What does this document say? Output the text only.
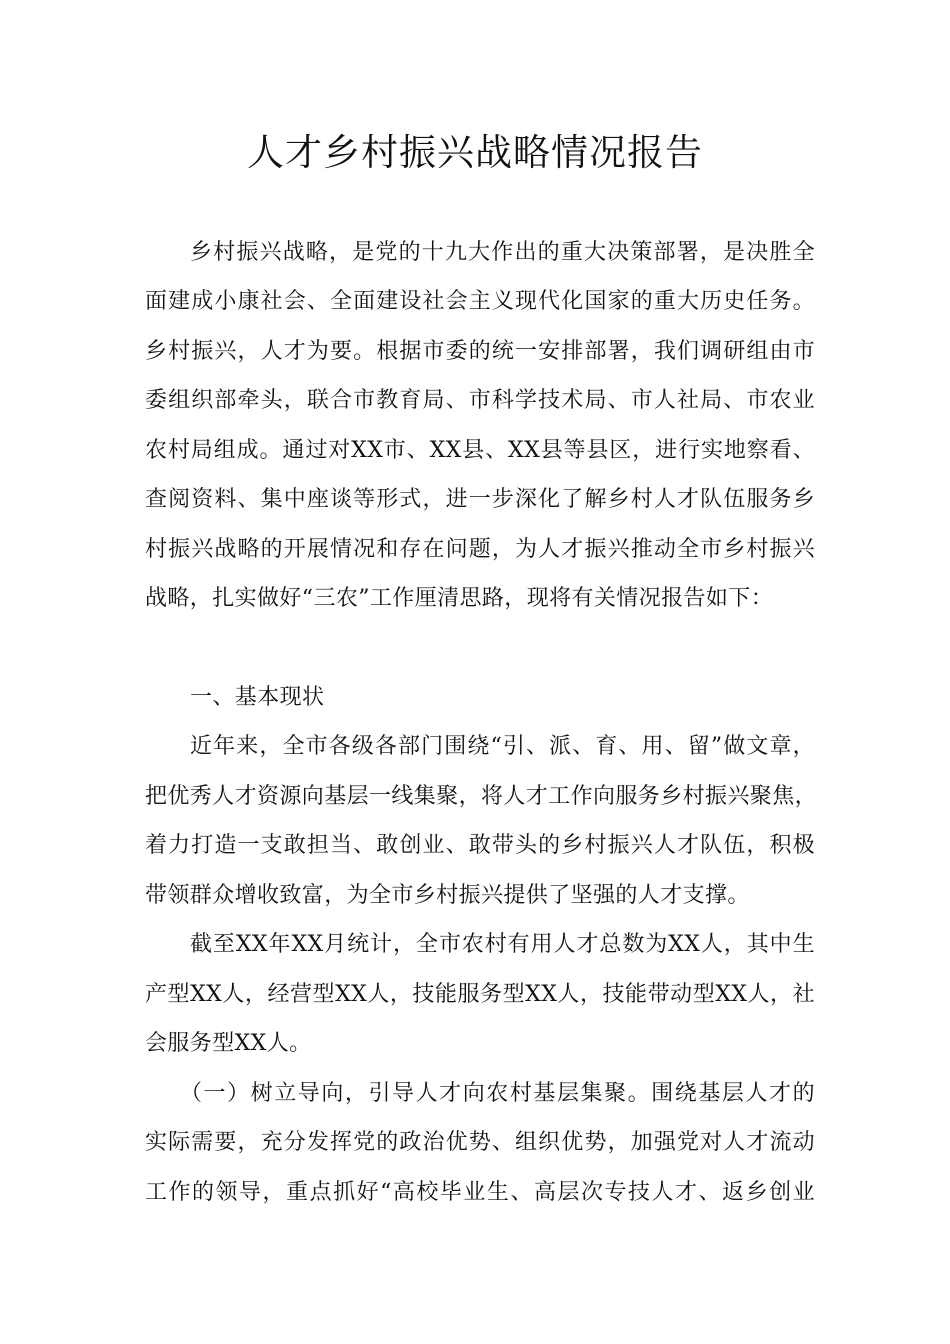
人才乡村振兴战略情况报告
乡村振兴战略，是党的十九大作出的重大决策部署，是决胜全
面建成小康社会、全面建设社会主义现代化国家的重大历史任务。
乡村振兴，人才为要。根据市委的统一安排部署，我们调研组由市
委组织部牵头，联合市教育局、市科学技术局、市人社局、市农业
农村局组成。通过对XX市、XX县、XX县等县区，进行实地察看、
查阅资料、集中座谈等形式，进一步深化了解乡村人才队伍服务乡
村振兴战略的开展情况和存在问题，为人才振兴推动全市乡村振兴
战略，扎实做好“三农”工作厘清思路，现将有关情况报告如下：
一、基本现状
近年来，全市各级各部门围绕“引、派、育、用、留”做文章，
把优秀人才资源向基层一线集聚，将人才工作向服务乡村振兴聚焦，
着力打造一支敢担当、敢创业、敢带头的乡村振兴人才队伍，积极
带领群众增收致富，为全市乡村振兴提供了坚强的人才支撑。
截至XX年XX月统计，全市农村有用人才总数为XX人，其中生
产型XX人，经营型XX人，技能服务型XX人，技能带动型XX人，社
会服务型XX人。
（一）树立导向，引导人才向农村基层集聚。围绕基层人才的
实际需要，充分发挥党的政治优势、组织优势，加强党对人才流动
工作的领导，重点抓好“高校毕业生、高层次专技人才、返乡创业
